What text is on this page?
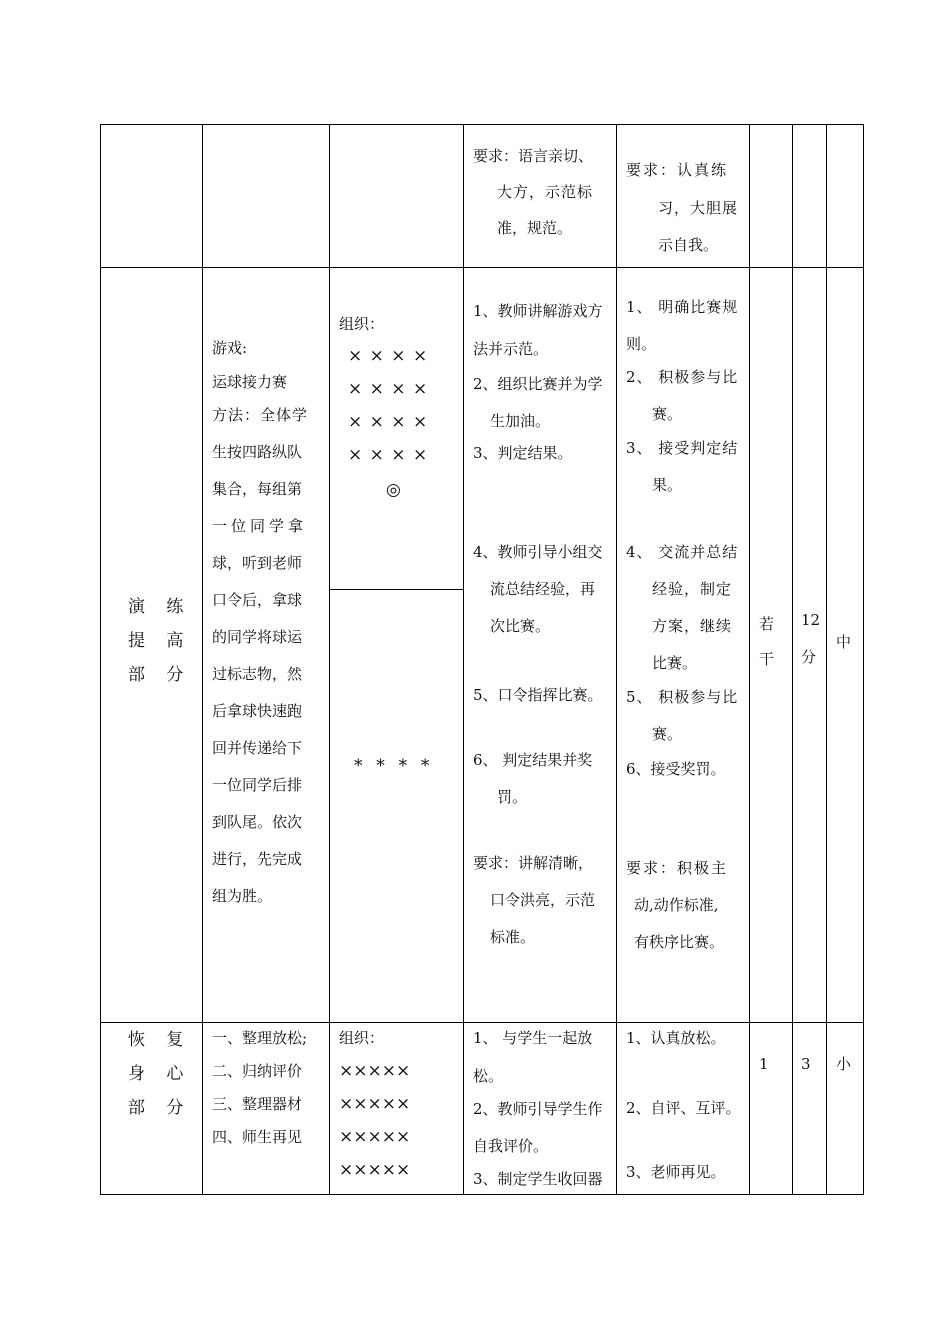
要求：语言亲切、
大方，示范标
准，规范。
要求：认真练
习，大胆展
示自我。
演 练
提 高
部 分
游戏:
运球接力赛
方法：全体学
生按四路纵队
集合，每组第
一位同学拿
球，听到老师
口令后，拿球
的同学将球运
过标志物，然
后拿球快速跑
回并传递给下
一位同学后排
到队尾。依次
进行，先完成
组为胜。
组织：
× × × ×
× × × ×
× × × ×
× × × ×
◎
*  *  *  *
1、教师讲解游戏方
法并示范。
2、组织比赛并为学
生加油。
3、判定结果。
4、教师引导小组交
流总结经验，再
次比赛。
5、口令指挥比赛。
6、 判定结果并奖
罚。
要求：讲解清晰，
口令洪亮，示范
标准。
1、 明确比赛规
则。
2、 积极参与比
赛。
3、 接受判定结
果。
4、 交流并总结
经验，制定
方案，继续
比赛。
5、 积极参与比
赛。
6、接受奖罚。
要求：积极主
动,动作标准,
有秩序比赛。
若
干
12
分
中
恢 复
身 心
部 分
一、整理放松;
二、归纳评价
三、整理器材
四、师生再见
组织：
×××××
×××××
×××××
×××××
1、 与学生一起放
松。
2、教师引导学生作
自我评价。
3、制定学生收回器
1、认真放松。
2、自评、互评。
3、老师再见。
1 3 小
